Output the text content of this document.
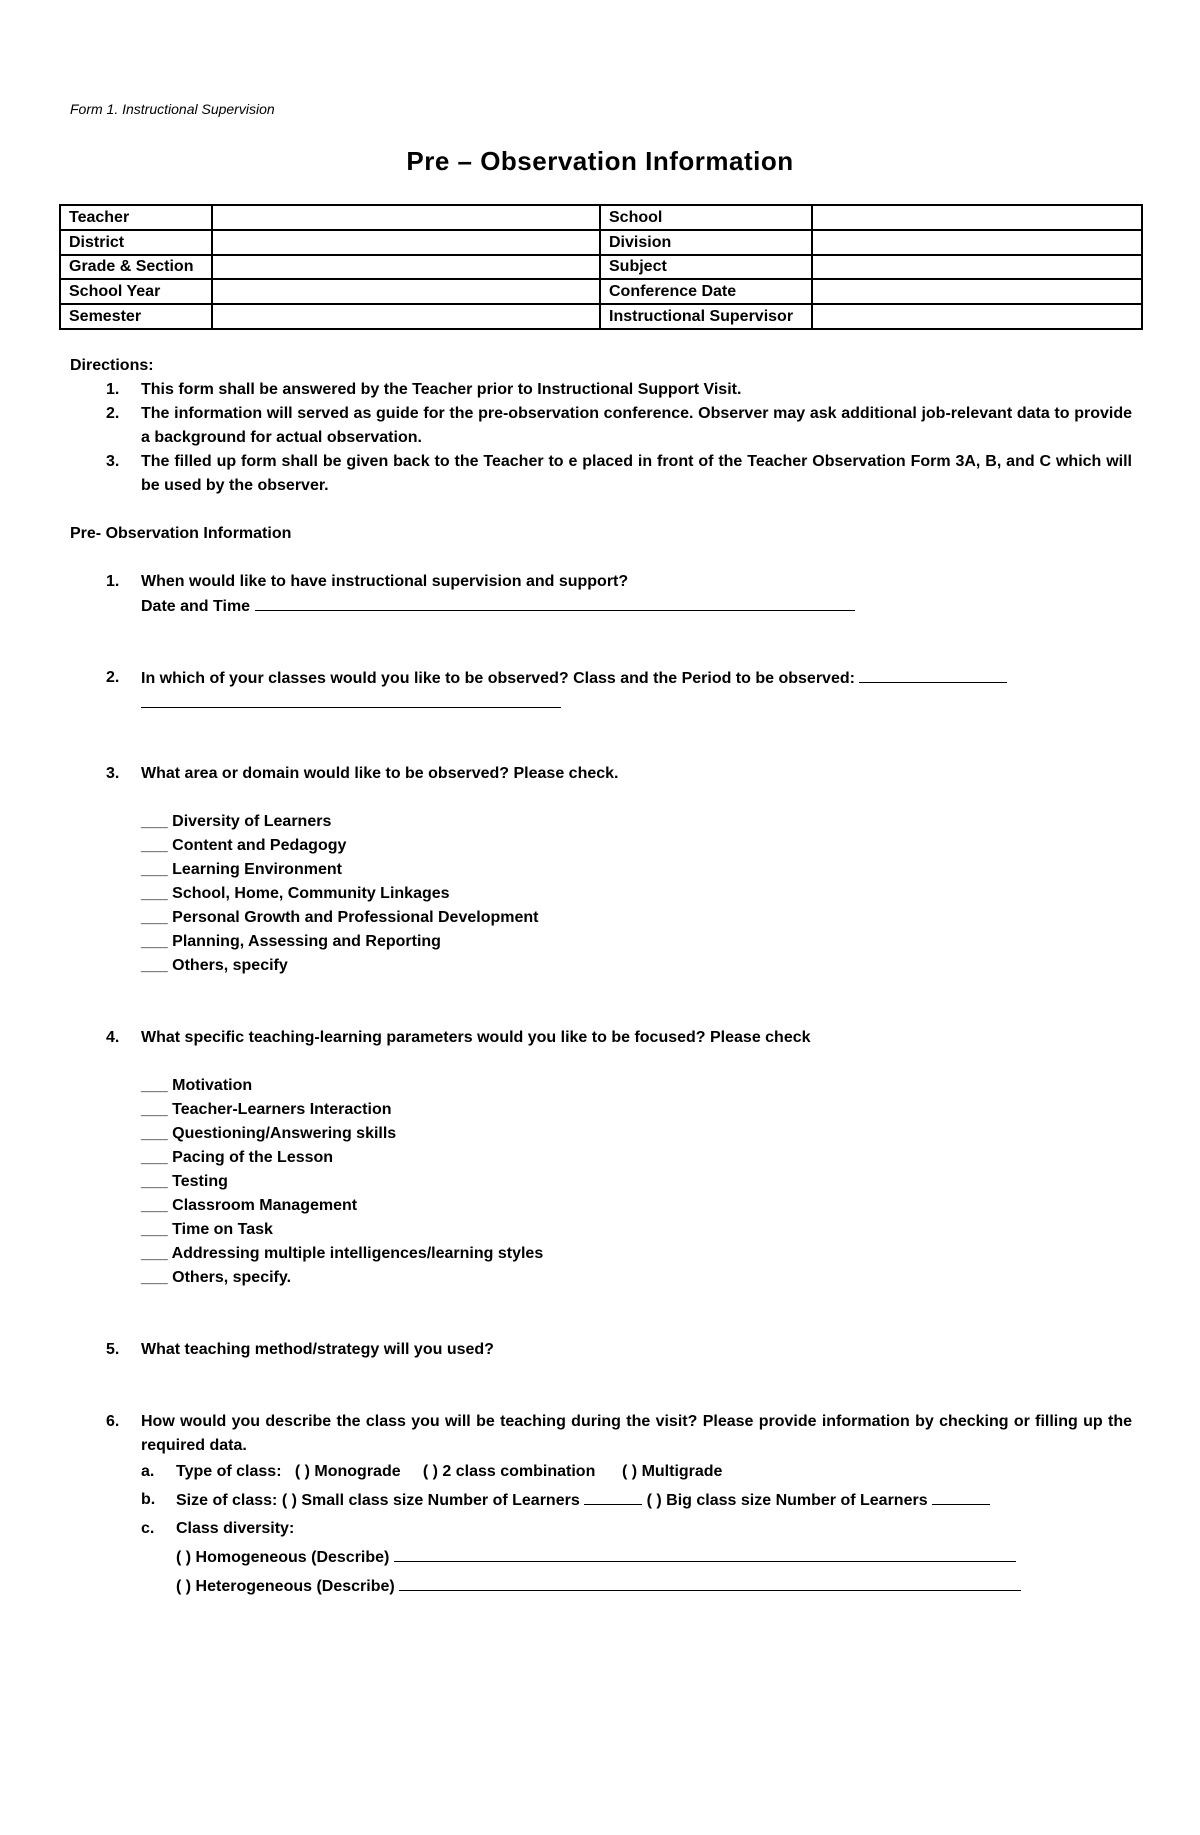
Form 1. Instructional Supervision
Pre – Observation Information
Teacher		School	
District		Division	
Grade & Section		Subject	
School Year		Conference Date	
Semester		Instructional Supervisor	
Directions:
1. This form shall be answered by the Teacher prior to Instructional Support Visit.
2. The information will served as guide for the pre-observation conference. Observer may ask additional job-relevant data to provide a background for actual observation.
3. The filled up form shall be given back to the Teacher to e placed in front of the Teacher Observation Form 3A, B, and C which will be used by the observer.
Pre- Observation Information
1. When would like to have instructional supervision and support?
Date and Time
2. In which of your classes would you like to be observed? Class and the Period to be observed:
3. What area or domain would like to be observed? Please check.
___ Diversity of Learners
___ Content and Pedagogy
___ Learning Environment
___ School, Home, Community Linkages
___ Personal Growth and Professional Development
___ Planning, Assessing and Reporting
___ Others, specify
4. What specific teaching-learning parameters would you like to be focused? Please check
___ Motivation
___ Teacher-Learners Interaction
___ Questioning/Answering skills
___ Pacing of the Lesson
___ Testing
___ Classroom Management
___ Time on Task
___ Addressing multiple intelligences/learning styles
___ Others, specify.
5. What teaching method/strategy will you used?
6. How would you describe the class you will be teaching during the visit? Please provide information by checking or filling up the required data.
a. Type of class: ( ) Monograde ( ) 2 class combination ( ) Multigrade
b. Size of class: ( ) Small class size Number of Learners	( ) Big class size Number of Learners
c. Class diversity:
( ) Homogeneous (Describe)
( ) Heterogeneous (Describe)
